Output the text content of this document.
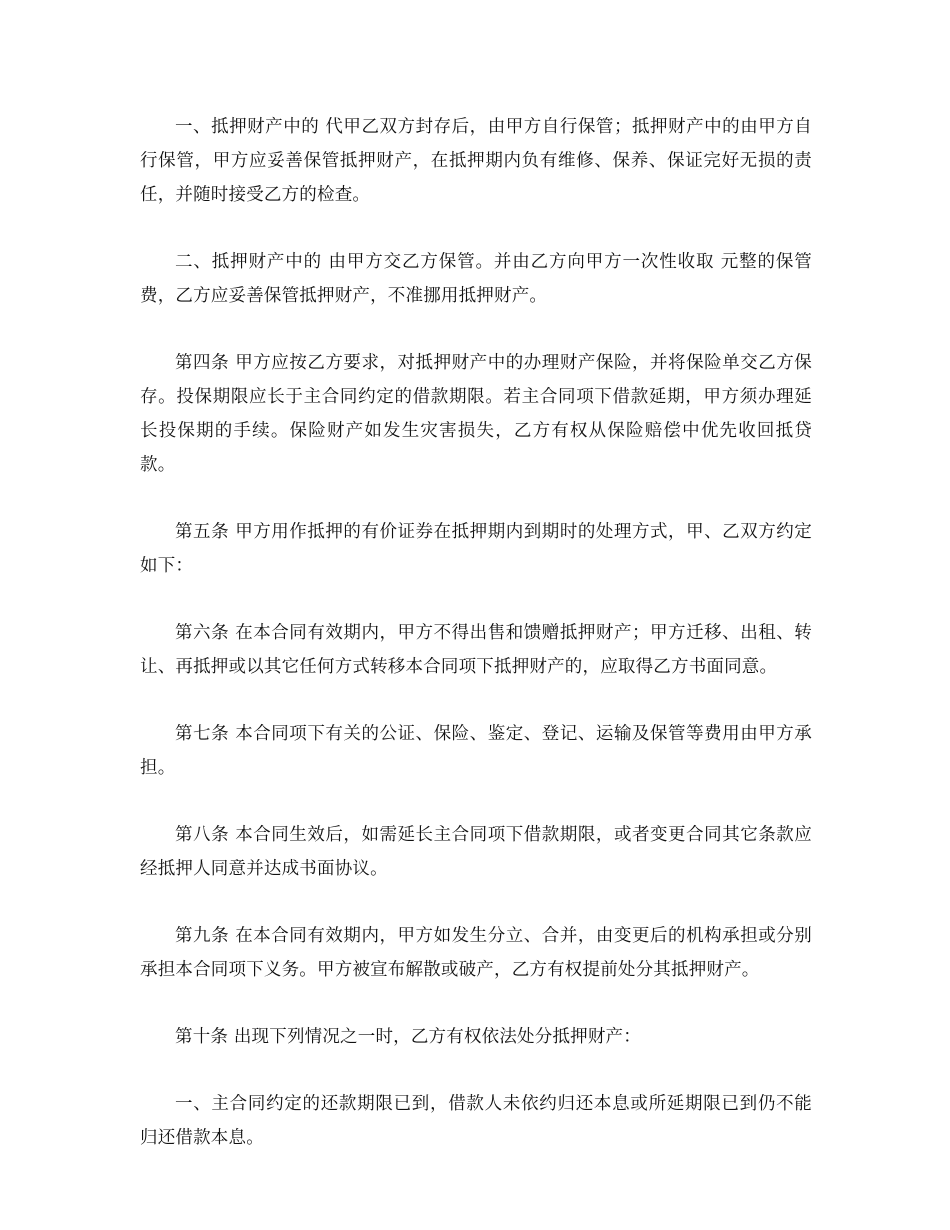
一、抵押财产中的 代甲乙双方封存后，由甲方自行保管；抵押财产中的由甲方自行保管，甲方应妥善保管抵押财产，在抵押期内负有维修、保养、保证完好无损的责任，并随时接受乙方的检查。

二、抵押财产中的 由甲方交乙方保管。并由乙方向甲方一次性收取 元整的保管费，乙方应妥善保管抵押财产，不准挪用抵押财产。

第四条 甲方应按乙方要求，对抵押财产中的办理财产保险，并将保险单交乙方保存。投保期限应长于主合同约定的借款期限。若主合同项下借款延期，甲方须办理延长投保期的手续。保险财产如发生灾害损失，乙方有权从保险赔偿中优先收回抵贷款。

第五条 甲方用作抵押的有价证券在抵押期内到期时的处理方式，甲、乙双方约定如下：

第六条 在本合同有效期内，甲方不得出售和馈赠抵押财产；甲方迁移、出租、转让、再抵押或以其它任何方式转移本合同项下抵押财产的，应取得乙方书面同意。

第七条 本合同项下有关的公证、保险、鉴定、登记、运输及保管等费用由甲方承担。

第八条 本合同生效后，如需延长主合同项下借款期限，或者变更合同其它条款应经抵押人同意并达成书面协议。

第九条 在本合同有效期内，甲方如发生分立、合并，由变更后的机构承担或分别承担本合同项下义务。甲方被宣布解散或破产，乙方有权提前处分其抵押财产。

第十条 出现下列情况之一时，乙方有权依法处分抵押财产：

一、主合同约定的还款期限已到，借款人未依约归还本息或所延期限已到仍不能归还借款本息。
